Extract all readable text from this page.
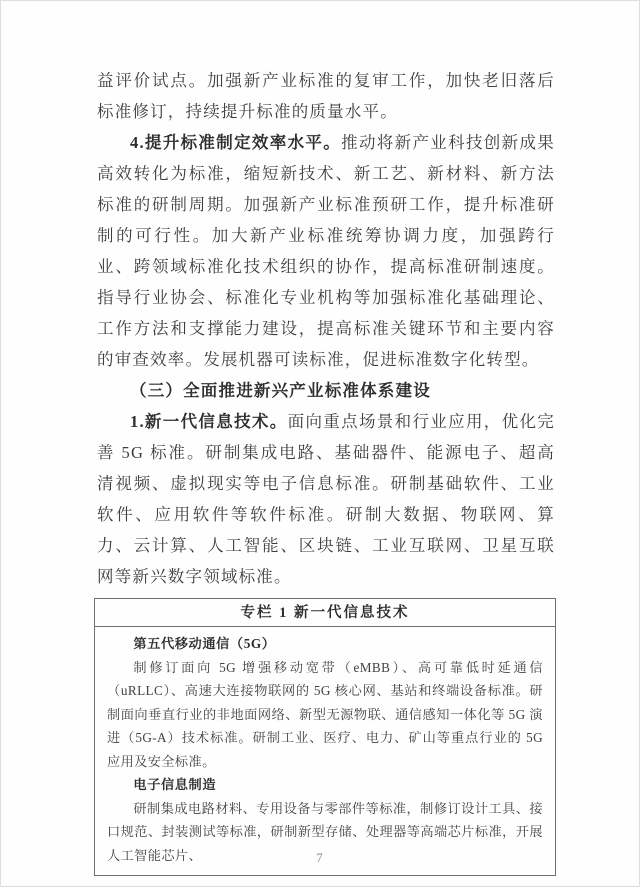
益评价试点。加强新产业标准的复审工作，加快老旧落后标准修订，持续提升标准的质量水平。

4.提升标准制定效率水平。推动将新产业科技创新成果高效转化为标准，缩短新技术、新工艺、新材料、新方法标准的研制周期。加强新产业标准预研工作，提升标准研制的可行性。加大新产业标准统筹协调力度，加强跨行业、跨领域标准化技术组织的协作，提高标准研制速度。指导行业协会、标准化专业机构等加强标准化基础理论、工作方法和支撑能力建设，提高标准关键环节和主要内容的审查效率。发展机器可读标准，促进标准数字化转型。

（三）全面推进新兴产业标准体系建设

1.新一代信息技术。面向重点场景和行业应用，优化完善 5G 标准。研制集成电路、基础器件、能源电子、超高清视频、虚拟现实等电子信息标准。研制基础软件、工业软件、应用软件等软件标准。研制大数据、物联网、算力、云计算、人工智能、区块链、工业互联网、卫星互联网等新兴数字领域标准。

专栏 1 新一代信息技术

第五代移动通信（5G）

制修订面向 5G 增强移动宽带（eMBB）、高可靠低时延通信（uRLLC）、高速大连接物联网的 5G 核心网、基站和终端设备标准。研制面向垂直行业的非地面网络、新型无源物联、通信感知一体化等 5G 演进（5G-A）技术标准。研制工业、医疗、电力、矿山等重点行业的 5G 应用及安全标准。

电子信息制造

研制集成电路材料、专用设备与零部件等标准，制修订设计工具、接口规范、封装测试等标准，研制新型存储、处理器等高端芯片标准，开展人工智能芯片、	7
